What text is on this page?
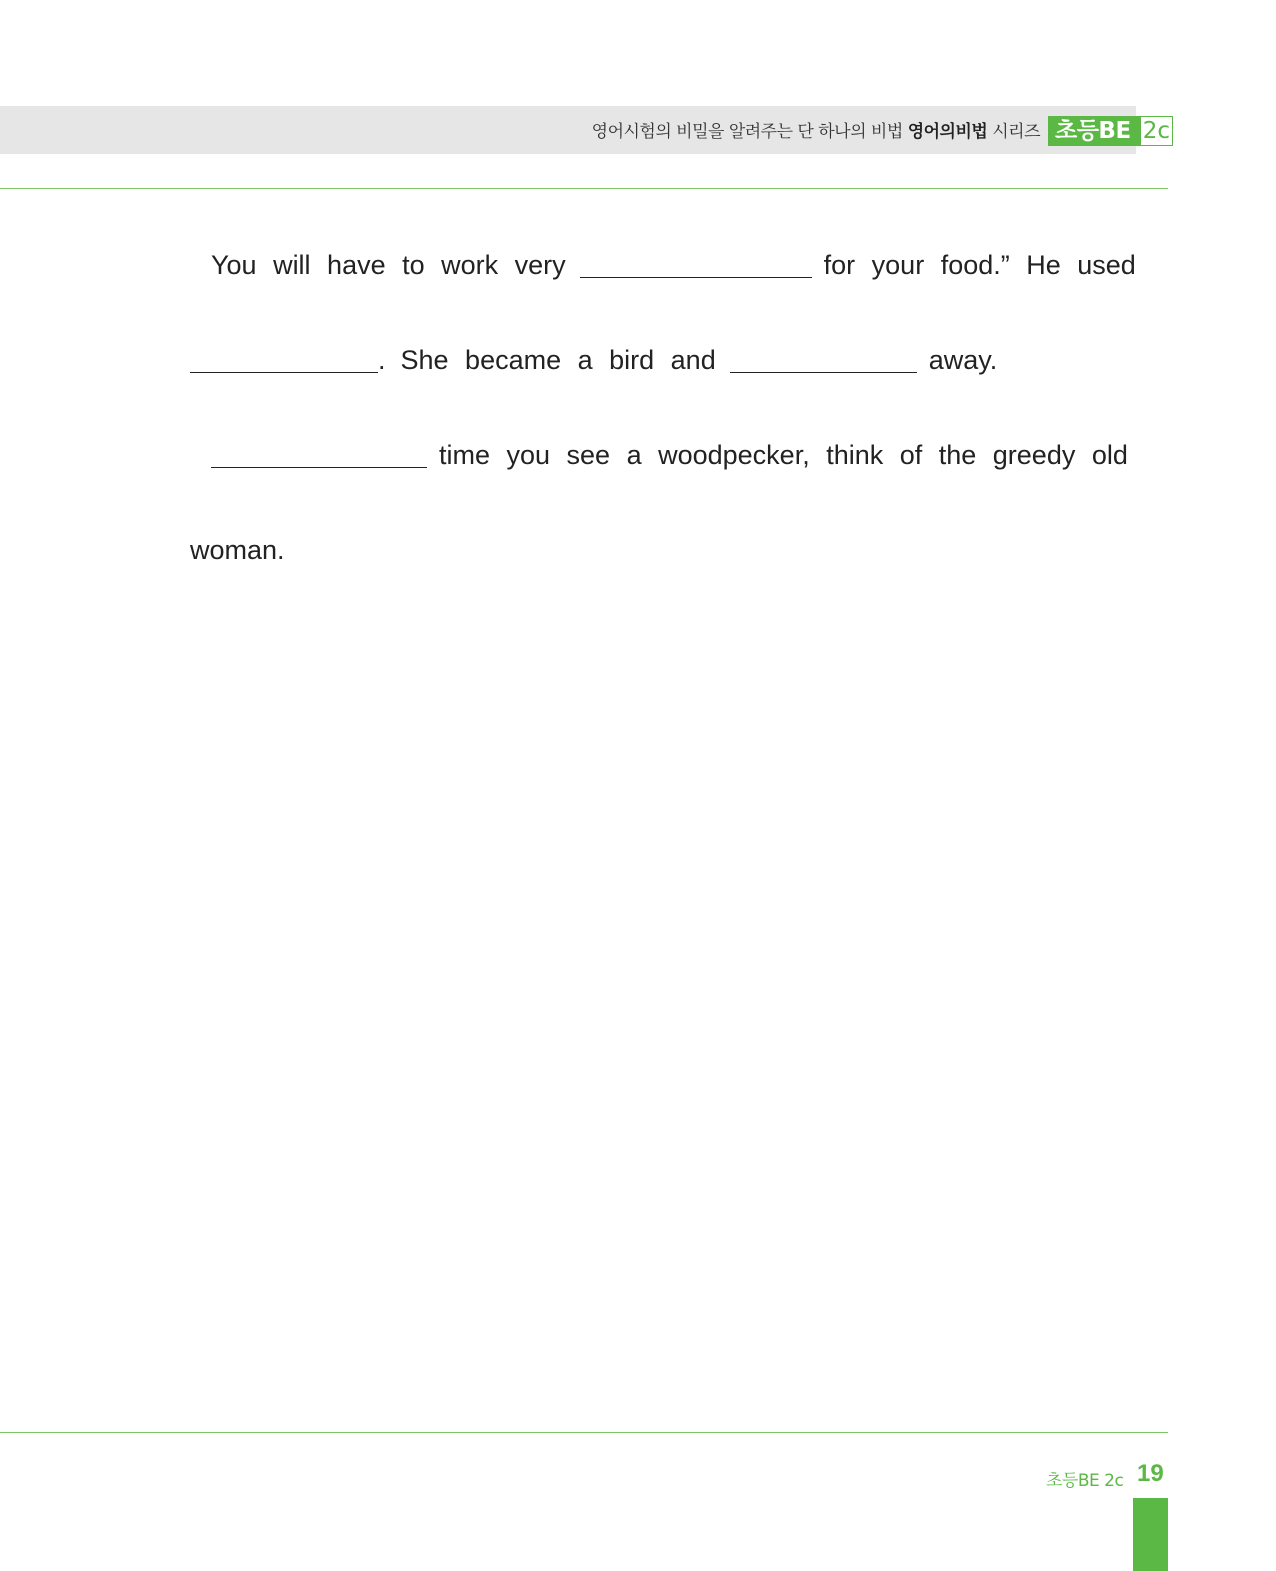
영어시험의 비밀을 알려주는 단 하나의 비법 영어의비법 시리즈 초등BE 2c
You will have to work very	for your food.” He used
. She became a bird and	away.
time you see a woodpecker, think of the greedy old
woman.
초등BE 2c 19
